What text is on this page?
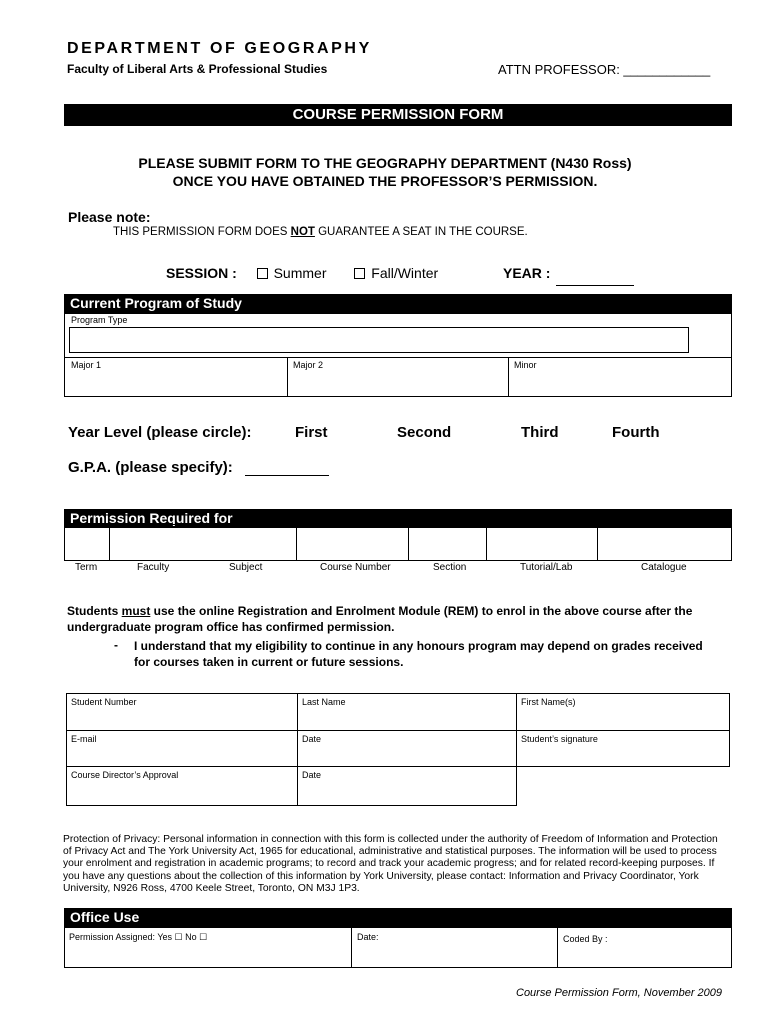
DEPARTMENT OF GEOGRAPHY
Faculty of Liberal Arts & Professional Studies	ATTN PROFESSOR: ____________
COURSE PERMISSION FORM
PLEASE SUBMIT FORM TO THE GEOGRAPHY DEPARTMENT (N430 Ross)
ONCE YOU HAVE OBTAINED THE PROFESSOR’S PERMISSION.
Please note:
THIS PERMISSION FORM DOES NOT GUARANTEE A SEAT IN THE COURSE.
SESSION :	Summer	Fall/Winter	YEAR :
Current Program of Study
Program Type
Major 1	Major 2	Minor
Year Level (please circle):	First	Second	Third	Fourth
G.P.A. (please specify):
Permission Required for
Term	Faculty	Subject	Course Number	Section	Tutorial/Lab	Catalogue
Students must use the online Registration and Enrolment Module (REM) to enrol in the above course after the undergraduate program office has confirmed permission.
- I understand that my eligibility to continue in any honours program may depend on grades received for courses taken in current or future sessions.
Student Number	Last Name	First Name(s)
E-mail	Date	Student’s signature
Course Director’s Approval	Date	
Protection of Privacy: Personal information in connection with this form is collected under the authority of Freedom of Information and Protection of Privacy Act and The York University Act, 1965 for educational, administrative and statistical purposes. The information will be used to process your enrolment and registration in academic programs; to record and track your academic progress; and for related record-keeping purposes. If you have any questions about the collection of this information by York University, please contact: Information and Privacy Coordinator, York University, N926 Ross, 4700 Keele Street, Toronto, ON M3J 1P3.
Office Use
Permission Assigned: Yes ☐ No ☐	Date:	Coded By :
Course Permission Form, November 2009
